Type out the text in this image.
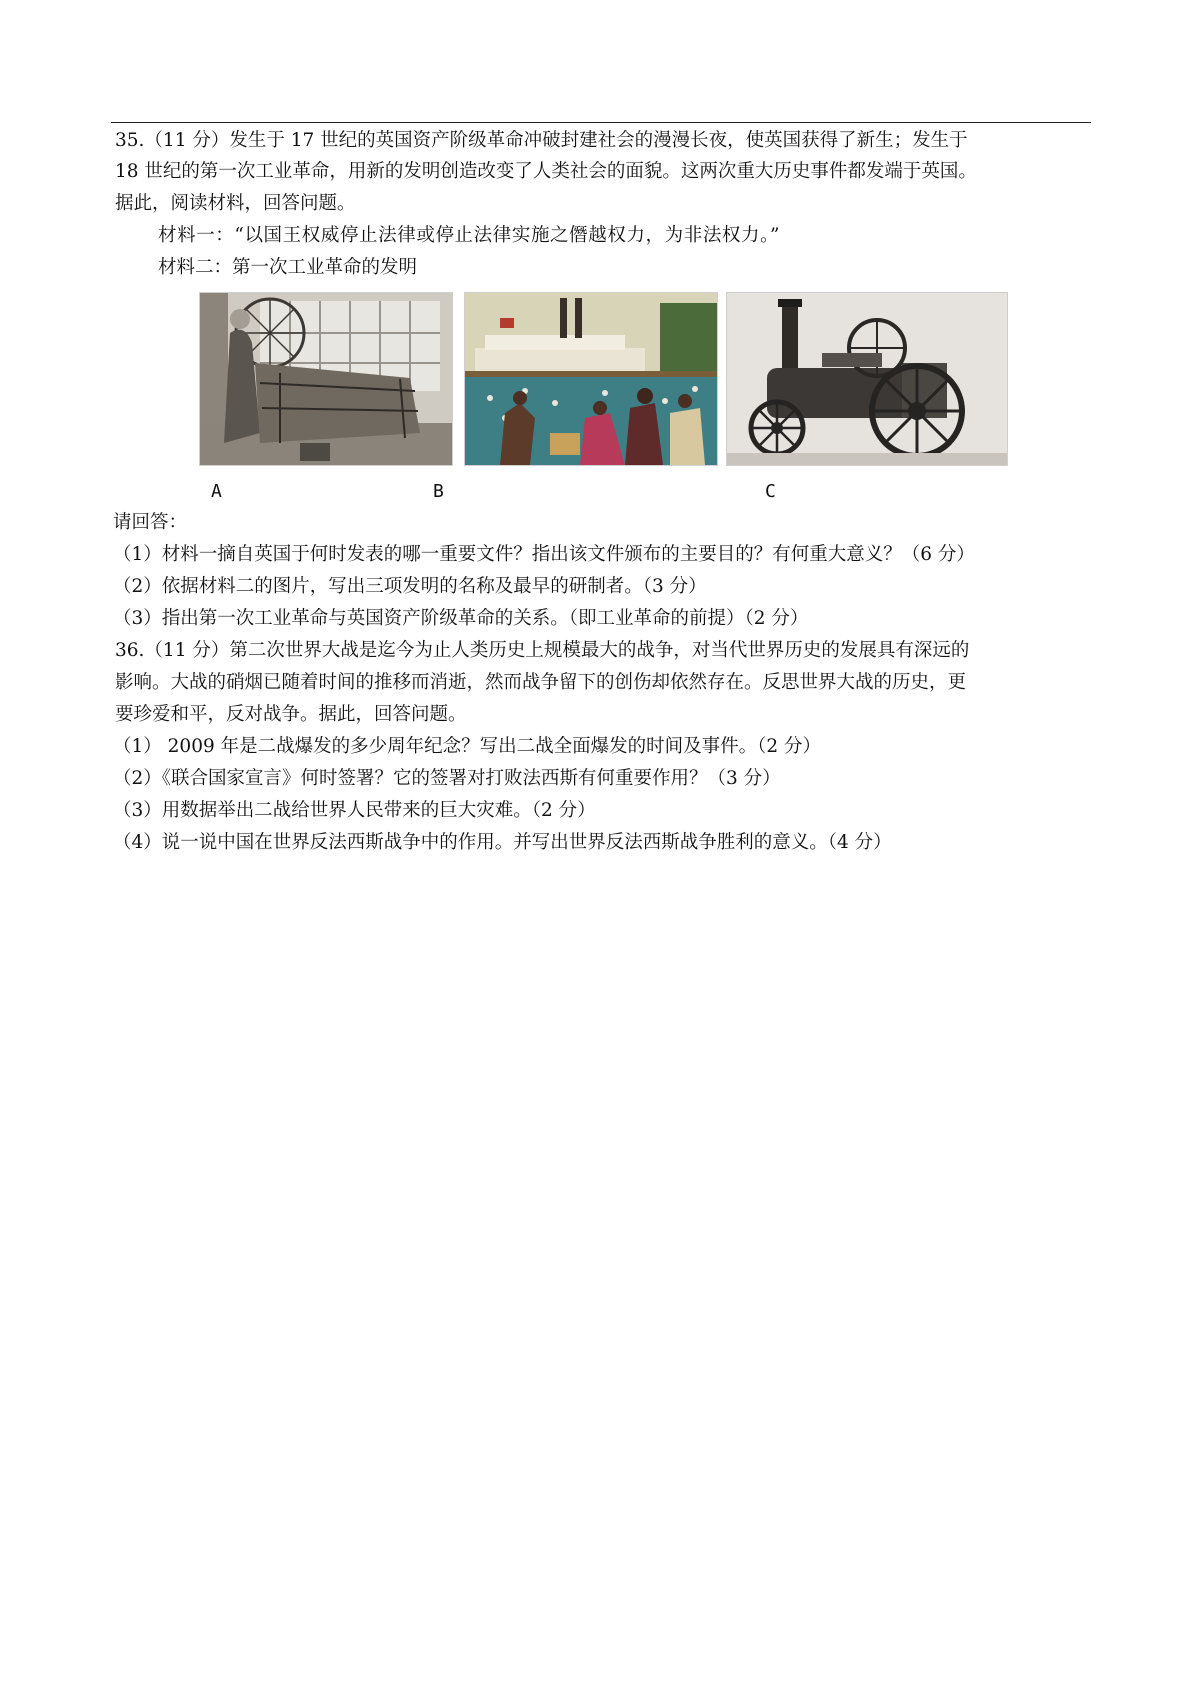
35.（11 分）发生于 17 世纪的英国资产阶级革命冲破封建社会的漫漫长夜，使英国获得了新生；发生于
18 世纪的第一次工业革命，用新的发明创造改变了人类社会的面貌。这两次重大历史事件都发端于英国。
据此，阅读材料，回答问题。
材料一：“以国王权威停止法律或停止法律实施之僭越权力，为非法权力。”
材料二：第一次工业革命的发明
A	B	C
请回答：
（1）材料一摘自英国于何时发表的哪一重要文件？指出该文件颁布的主要目的？有何重大意义？（6 分）
（2）依据材料二的图片，写出三项发明的名称及最早的研制者。（3 分）
（3）指出第一次工业革命与英国资产阶级革命的关系。（即工业革命的前提）（2 分）
36.（11 分）第二次世界大战是迄今为止人类历史上规模最大的战争，对当代世界历史的发展具有深远的
影响。大战的硝烟已随着时间的推移而消逝，然而战争留下的创伤却依然存在。反思世界大战的历史，更
要珍爱和平，反对战争。据此，回答问题。
（1） 2009 年是二战爆发的多少周年纪念？写出二战全面爆发的时间及事件。（2 分）
（2）《联合国家宣言》何时签署？它的签署对打败法西斯有何重要作用？（3 分）
（3）用数据举出二战给世界人民带来的巨大灾难。（2 分）
（4）说一说中国在世界反法西斯战争中的作用。并写出世界反法西斯战争胜利的意义。（4 分）
